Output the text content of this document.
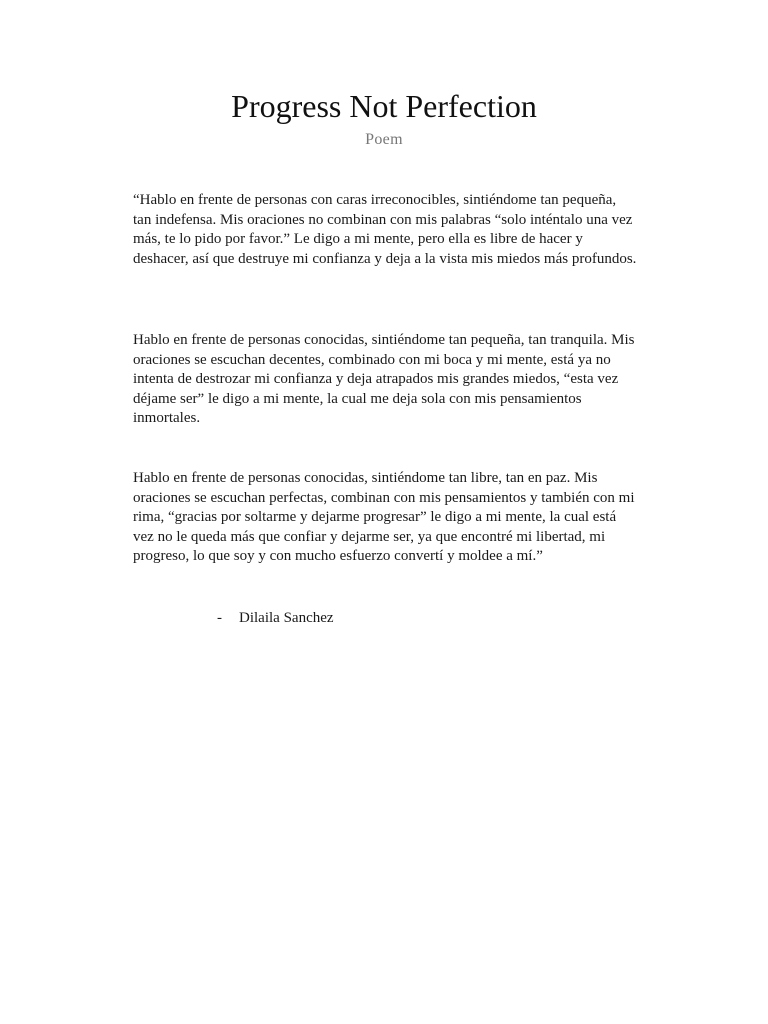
Progress Not Perfection
Poem

“Hablo en frente de personas con caras irreconocibles, sintiéndome tan pequeña, tan indefensa. Mis oraciones no combinan con mis palabras “solo inténtalo una vez más, te lo pido por favor.” Le digo a mi mente, pero ella es libre de hacer y deshacer, así que destruye mi confianza y deja a la vista mis miedos más profundos.

Hablo en frente de personas conocidas, sintiéndome tan pequeña, tan tranquila. Mis oraciones se escuchan decentes, combinado con mi boca y mi mente, está ya no intenta de destrozar mi confianza y deja atrapados mis grandes miedos, “esta vez déjame ser” le digo a mi mente, la cual me deja sola con mis pensamientos inmortales.

Hablo en frente de personas conocidas, sintiéndome tan libre, tan en paz. Mis oraciones se escuchan perfectas, combinan con mis pensamientos y también con mi rima, “gracias por soltarme y dejarme progresar” le digo a mi mente, la cual está vez no le queda más que confiar y dejarme ser, ya que encontré mi libertad, mi progreso, lo que soy y con mucho esfuerzo convertí y moldee a mí.”

-	Dilaila Sanchez
